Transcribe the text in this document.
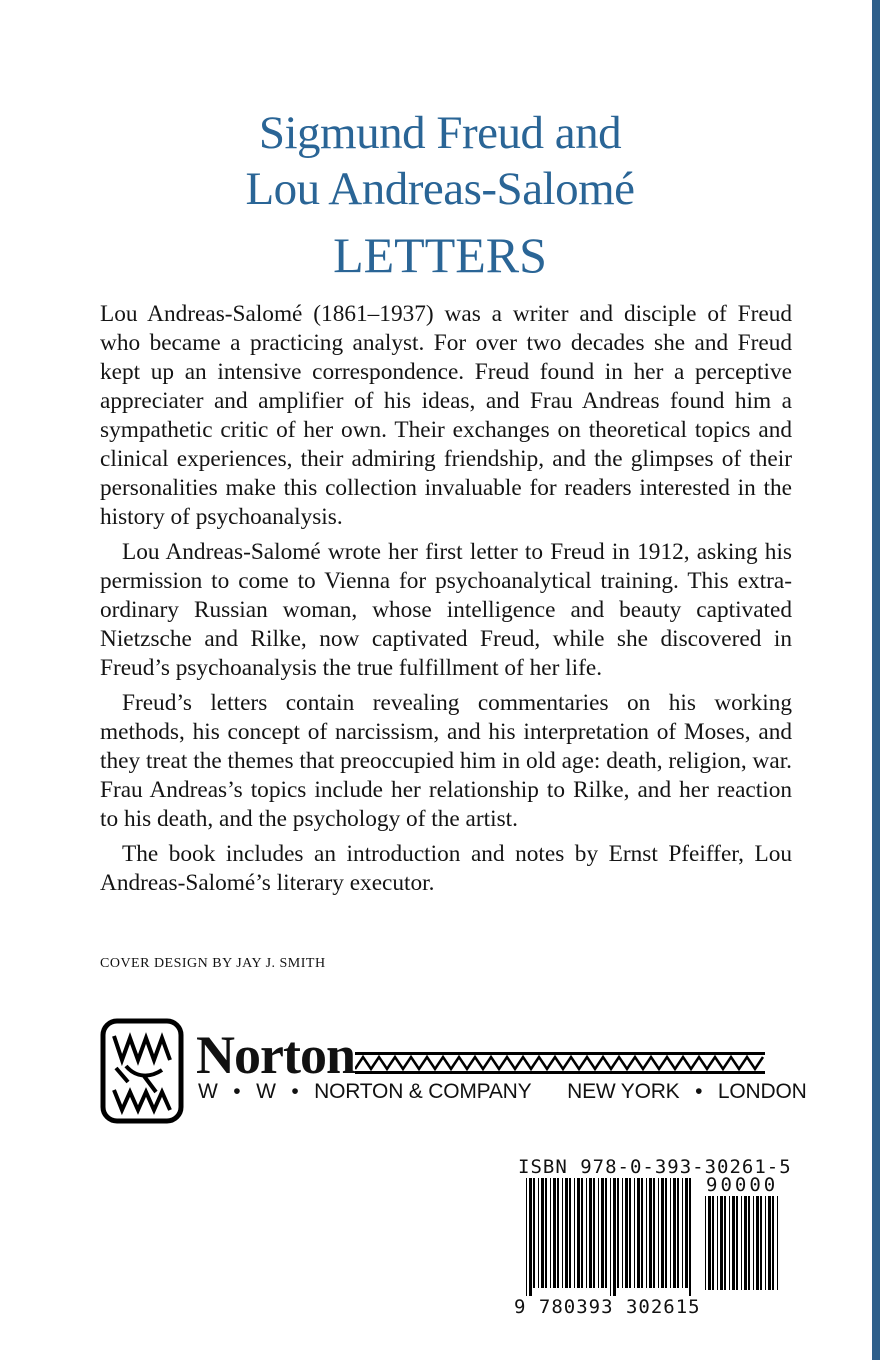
Sigmund Freud and
Lou Andreas-Salomé
LETTERS

Lou Andreas-Salomé (1861–1937) was a writer and disciple of Freud who became a practicing analyst. For over two decades she and Freud kept up an intensive correspondence. Freud found in her a perceptive appreciater and amplifier of his ideas, and Frau Andreas found him a sympathetic critic of her own. Their exchanges on theoretical topics and clinical experiences, their admiring friendship, and the glimpses of their personalities make this collection invaluable for readers interested in the history of psychoanalysis.

Lou Andreas-Salomé wrote her first letter to Freud in 1912, asking his permission to come to Vienna for psychoanalytical training. This extraordinary Russian woman, whose intelligence and beauty captivated Nietzsche and Rilke, now captivated Freud, while she discovered in Freud’s psychoanalysis the true fulfillment of her life.

Freud’s letters contain revealing commentaries on his working methods, his concept of narcissism, and his interpretation of Moses, and they treat the themes that preoccupied him in old age: death, religion, war. Frau Andreas’s topics include her relationship to Rilke, and her reaction to his death, and the psychology of the artist.

The book includes an introduction and notes by Ernst Pfeiffer, Lou Andreas-Salomé’s literary executor.

COVER DESIGN BY JAY J. SMITH
Norton
W • W • NORTON & COMPANY NEW YORK • LONDON
ISBN 978-0-393-30261-5
90000
9 780393 302615
